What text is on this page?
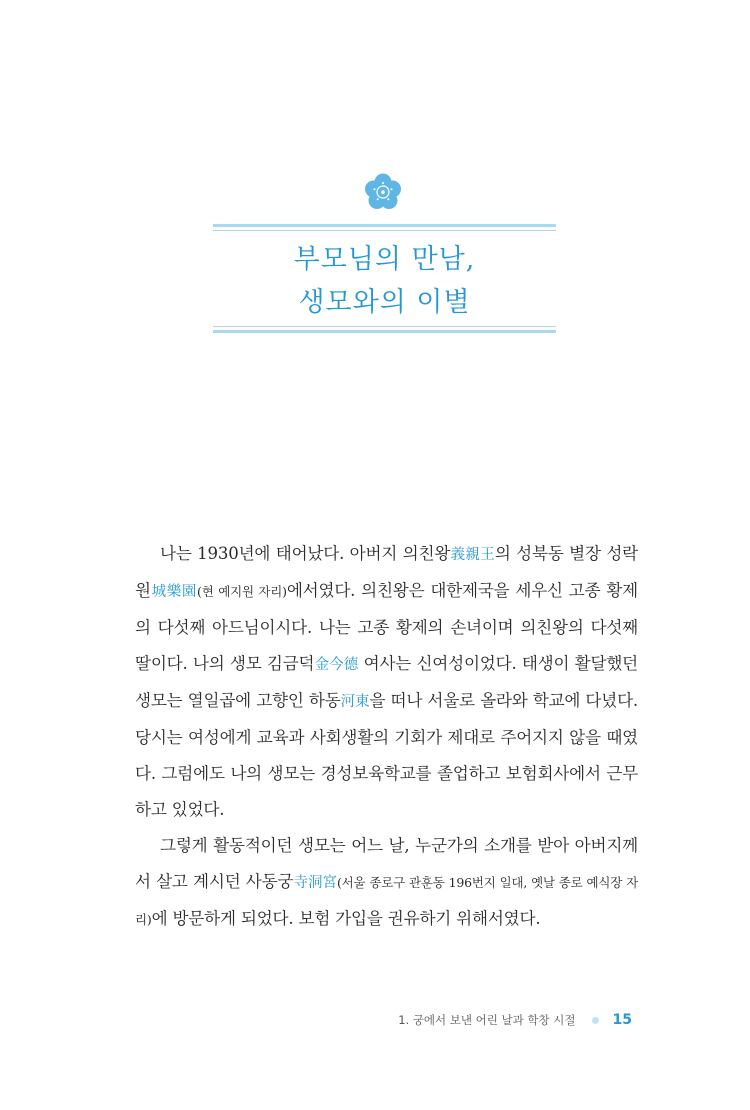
부모님의 만남,
생모와의 이별

나는 1930년에 태어났다. 아버지 의친왕義親王의 성북동 별장 성락원城樂園(현 예지원 자리)에서였다. 의친왕은 대한제국을 세우신 고종 황제의 다섯째 아드님이시다. 나는 고종 황제의 손녀이며 의친왕의 다섯째 딸이다. 나의 생모 김금덕金今德 여사는 신여성이었다. 태생이 활달했던 생모는 열일곱에 고향인 하동河東을 떠나 서울로 올라와 학교에 다녔다. 당시는 여성에게 교육과 사회생활의 기회가 제대로 주어지지 않을 때였다. 그럼에도 나의 생모는 경성보육학교를 졸업하고 보험회사에서 근무하고 있었다.

그렇게 활동적이던 생모는 어느 날, 누군가의 소개를 받아 아버지께서 살고 계시던 사동궁寺洞宮(서울 종로구 관훈동 196번지 일대, 옛날 종로 예식장 자리)에 방문하게 되었다. 보험 가입을 권유하기 위해서였다.

1. 궁에서 보낸 어린 날과 학창 시절	15
